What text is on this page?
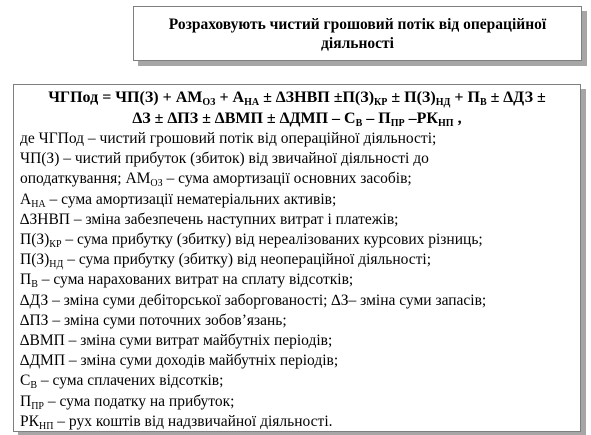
Розраховують чистий грошовий потік від операційної діяльності
ЧГПод = $ЧП(З) + АМ_{ОЗ} + А_{НА}$ ± ∆ЗНВП $\pm П(З)_{КР} \pm П(З)_{НД} + П_В \pm \Delta ДЗ$ ±
$\Delta З \pm \Delta ПЗ \pm \Delta ВМП \pm \Delta ДМП - С_В - П_{ПР}$ $-РК_{НП}$ ,
де ЧГПод – чистий грошовий потік від операційної діяльності;
ЧП(З) – чистий прибуток (збиток) від звичайної діяльності до
оподаткування; $АМ_{ОЗ}$ – сума амортизації основних засобів;
$А_{НА}$ – сума амортизації нематеріальних активів;
∆ЗНВП – зміна забезпечень наступних витрат і платежів;
$П(З)_{КР}$ – сума прибутку (збитку) від нереалізованих курсових різниць;
$П(З)_{НД}$ – сума прибутку (збитку) від неопераційної діяльності;
$П_В$ – сума нарахованих витрат на сплату відсотків;
∆ДЗ – зміна суми дебіторської заборгованості; ∆З– зміна суми запасів;
∆ПЗ – зміна суми поточних зобов’язань;
∆ВМП – зміна суми витрат майбутніх періодів;
∆ДМП – зміна суми доходів майбутніх періодів;
$С_В$ – сума сплачених відсотків;
$П_{ПР}$ – сума податку на прибуток;
$РК_{НП}$ – рух коштів від надзвичайної діяльності.
